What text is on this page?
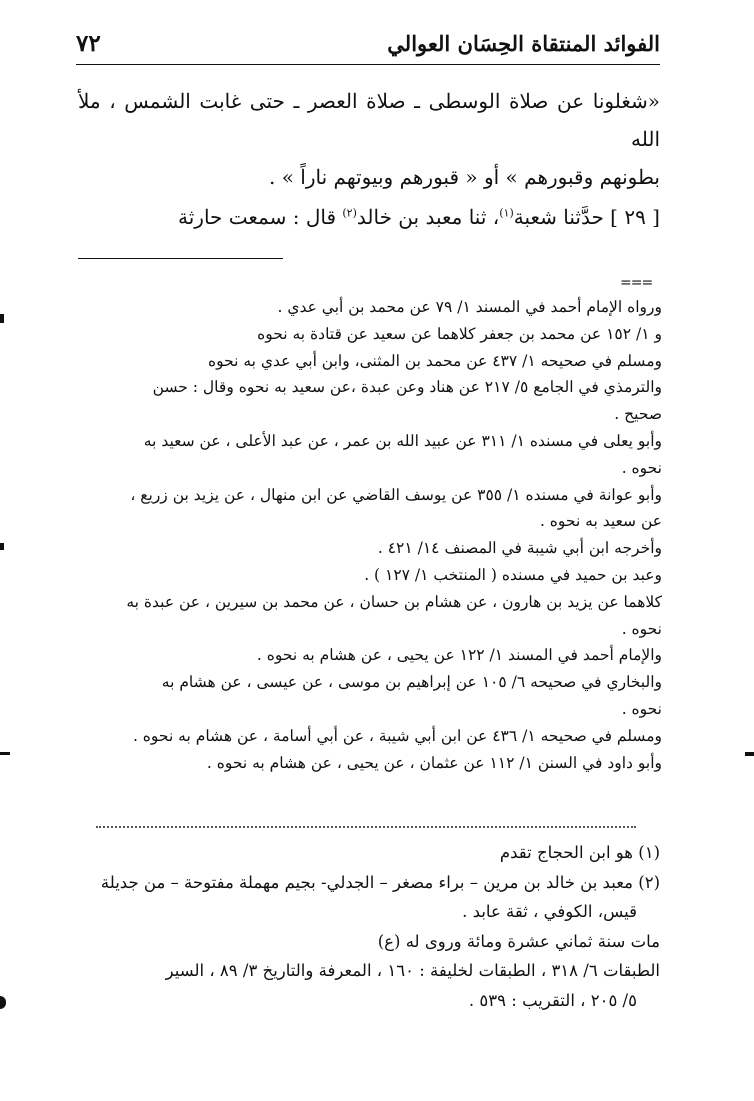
الفوائد المنتقاة الحِسَان العوالي
٧٢

«شغلونا عن صلاة الوسطى ـ صلاة العصر ـ حتى غابت الشمس ، ملأ الله

بطونهم وقبورهم » أو « قبورهم وبيوتهم ناراً » .

[ ٢٩ ] حدَّثنا شعبة$^{(١)}$، ثنا معبد بن خالد$^{(٢)}$ قال : سمعت حارثة

===

ورواه الإمام أحمد في المسند ١/ ٧٩ عن محمد بن أبي عدي .

و ١/ ١٥٢ عن محمد بن جعفر كلاهما عن سعيد عن قتادة به نحوه

ومسلم في صحيحه ١/ ٤٣٧ عن محمد بن المثنى، وابن أبي عدي به نحوه

والترمذي في الجامع ٥/ ٢١٧ عن هناد وعن عبدة ،عن سعيد به نحوه وقال : حسن

صحيح .

وأبو يعلى في مسنده ١/ ٣١١ عن عبيد الله بن عمر ، عن عبد الأعلى ، عن سعيد به

نحوه .

وأبو عوانة في مسنده ١/ ٣٥٥ عن يوسف القاضي عن ابن منهال ، عن يزيد بن زريع ،

عن سعيد به نحوه .

وأخرجه ابن أبي شيبة في المصنف ١٤/ ٤٢١ .

وعبد بن حميد في مسنده ( المنتخب ١/ ١٢٧ ) .

كلاهما عن يزيد بن هارون ، عن هشام بن حسان ، عن محمد بن سيرين ، عن عبدة به

نحوه .

والإمام أحمد في المسند ١/ ١٢٢ عن يحيى ، عن هشام به نحوه .

والبخاري في صحيحه ٦/ ١٠٥ عن إبراهيم بن موسى ، عن عيسى ، عن هشام به

نحوه .

ومسلم في صحيحه ١/ ٤٣٦ عن ابن أبي شيبة ، عن أبي أسامة ، عن هشام به نحوه .

وأبو داود في السنن ١/ ١١٢ عن عثمان ، عن يحيى ، عن هشام به نحوه .

(١) هو ابن الحجاج تقدم

(٢) معبد بن خالد بن مرين – براء مصغر – الجدلي- بجيم مهملة مفتوحة – من جديلة

قيس، الكوفي ، ثقة عابد .

مات سنة ثماني عشرة ومائة وروى له (ع)

الطبقات ٦/ ٣١٨ ، الطبقات لخليفة : ١٦٠ ، المعرفة والتاريخ ٣/ ٨٩ ، السير

٥/ ٢٠٥ ، التقريب : ٥٣٩ .
